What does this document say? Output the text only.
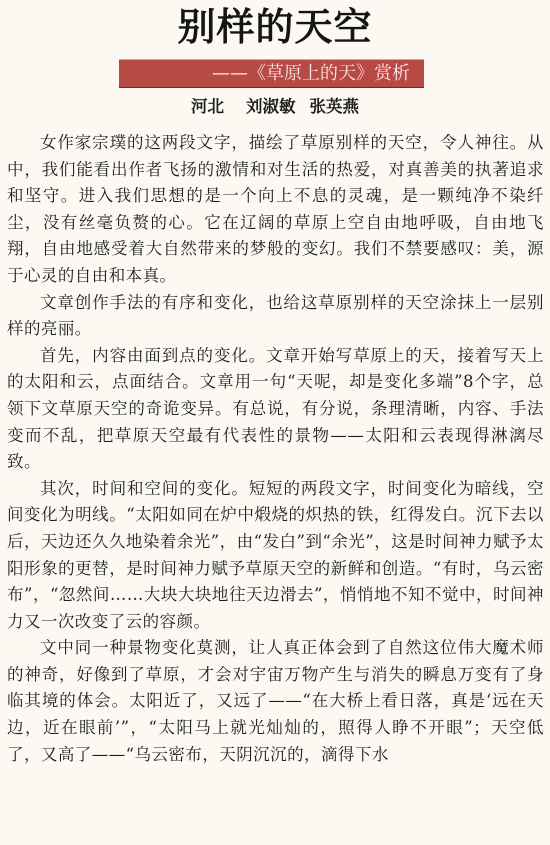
别样的天空
——《草原上的天》赏析
河北 刘淑敏 张英燕

女作家宗璞的这两段文字，描绘了草原别样的天空，令人神往。从中，我们能看出作者飞扬的激情和对生活的热爱，对真善美的执著追求和坚守。进入我们思想的是一个向上不息的灵魂，是一颗纯净不染纤尘，没有丝毫负赘的心。它在辽阔的草原上空自由地呼吸，自由地飞翔，自由地感受着大自然带来的梦般的变幻。我们不禁要感叹：美，源于心灵的自由和本真。

文章创作手法的有序和变化，也给这草原别样的天空涂抹上一层别样的亮丽。

首先，内容由面到点的变化。文章开始写草原上的天，接着写天上的太阳和云，点面结合。文章用一句“天呢，却是变化多端”8个字，总领下文草原天空的奇诡变异。有总说，有分说，条理清晰，内容、手法变而不乱，把草原天空最有代表性的景物——太阳和云表现得淋漓尽致。

其次，时间和空间的变化。短短的两段文字，时间变化为暗线，空间变化为明线。“太阳如同在炉中煅烧的炽热的铁，红得发白。沉下去以后，天边还久久地染着余光”，由“发白”到“余光”，这是时间神力赋予太阳形象的更替，是时间神力赋予草原天空的新鲜和创造。“有时，乌云密布”，“忽然间……大块大块地往天边滑去”，悄悄地不知不觉中，时间神力又一次改变了云的容颜。

文中同一种景物变化莫测，让人真正体会到了自然这位伟大魔术师的神奇，好像到了草原，才会对宇宙万物产生与消失的瞬息万变有了身临其境的体会。太阳近了，又远了——“在大桥上看日落，真是‘远在天边，近在眼前’”，“太阳马上就光灿灿的，照得人睁不开眼”；天空低了，又高了——“乌云密布，天阴沉沉的，滴得下水
